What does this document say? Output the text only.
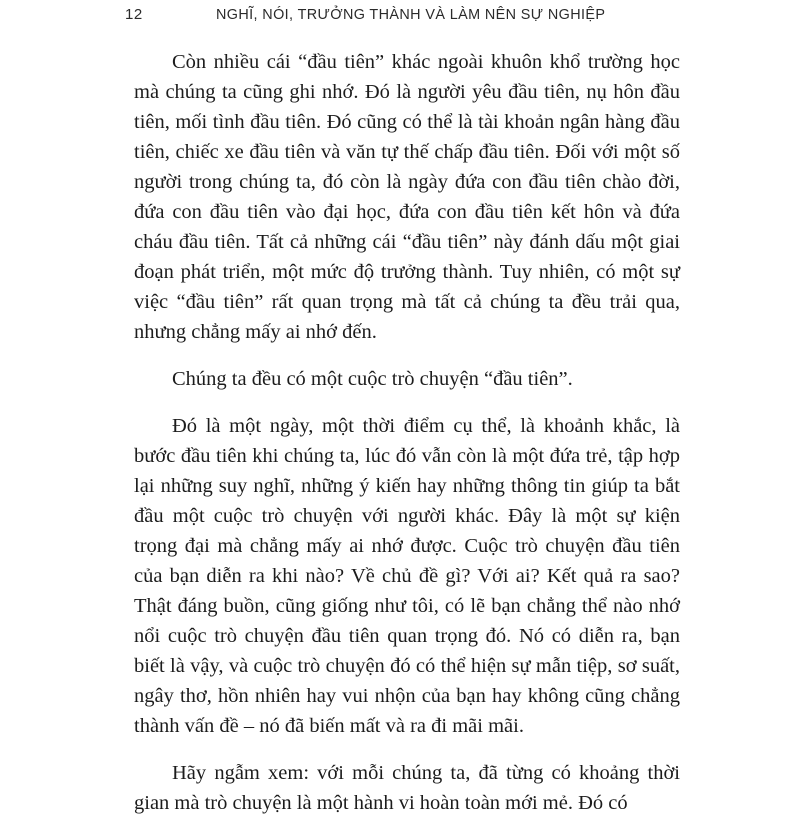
12	NGHĨ, NÓI, TRƯỞNG THÀNH VÀ LÀM NÊN SỰ NGHIỆP

Còn nhiều cái “đầu tiên” khác ngoài khuôn khổ trường học mà chúng ta cũng ghi nhớ. Đó là người yêu đầu tiên, nụ hôn đầu tiên, mối tình đầu tiên. Đó cũng có thể là tài khoản ngân hàng đầu tiên, chiếc xe đầu tiên và văn tự thế chấp đầu tiên. Đối với một số người trong chúng ta, đó còn là ngày đứa con đầu tiên chào đời, đứa con đầu tiên vào đại học, đứa con đầu tiên kết hôn và đứa cháu đầu tiên. Tất cả những cái “đầu tiên” này đánh dấu một giai đoạn phát triển, một mức độ trưởng thành. Tuy nhiên, có một sự việc “đầu tiên” rất quan trọng mà tất cả chúng ta đều trải qua, nhưng chẳng mấy ai nhớ đến.

Chúng ta đều có một cuộc trò chuyện “đầu tiên”.

Đó là một ngày, một thời điểm cụ thể, là khoảnh khắc, là bước đầu tiên khi chúng ta, lúc đó vẫn còn là một đứa trẻ, tập hợp lại những suy nghĩ, những ý kiến hay những thông tin giúp ta bắt đầu một cuộc trò chuyện với người khác. Đây là một sự kiện trọng đại mà chẳng mấy ai nhớ được. Cuộc trò chuyện đầu tiên của bạn diễn ra khi nào? Về chủ đề gì? Với ai? Kết quả ra sao? Thật đáng buồn, cũng giống như tôi, có lẽ bạn chẳng thể nào nhớ nổi cuộc trò chuyện đầu tiên quan trọng đó. Nó có diễn ra, bạn biết là vậy, và cuộc trò chuyện đó có thể hiện sự mẫn tiệp, sơ suất, ngây thơ, hồn nhiên hay vui nhộn của bạn hay không cũng chẳng thành vấn đề – nó đã biến mất và ra đi mãi mãi.

Hãy ngẫm xem: với mỗi chúng ta, đã từng có khoảng thời gian mà trò chuyện là một hành vi hoàn toàn mới mẻ. Đó có
